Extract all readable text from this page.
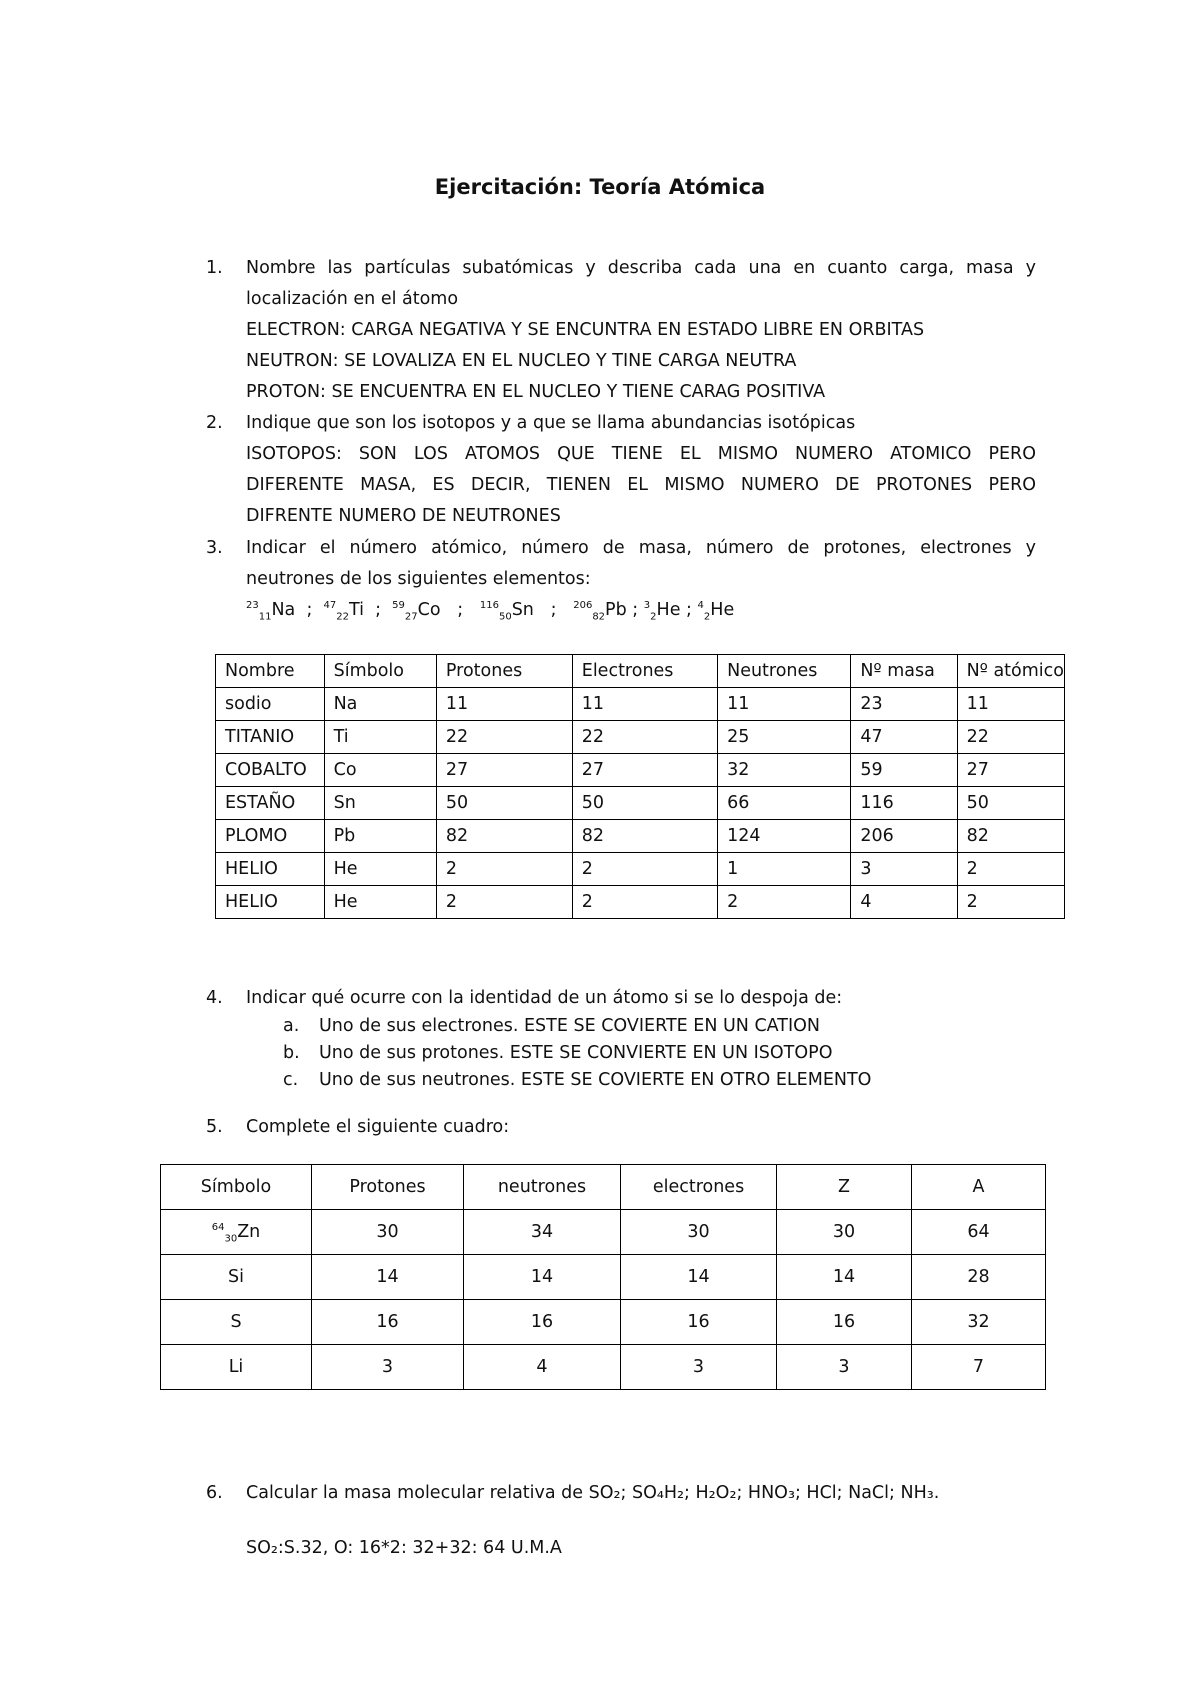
Ejercitación: Teoría Atómica
1. Nombre las partículas subatómicas y describa cada una en cuanto carga, masa y
localización en el átomo
ELECTRON: CARGA NEGATIVA Y SE ENCUNTRA EN ESTADO LIBRE EN ORBITAS
NEUTRON: SE LOVALIZA EN EL NUCLEO Y TINE CARGA NEUTRA
PROTON: SE ENCUENTRA EN EL NUCLEO Y TIENE CARAG POSITIVA
2. Indique que son los isotopos y a que se llama abundancias isotópicas
ISOTOPOS: SON LOS ATOMOS QUE TIENE EL MISMO NUMERO ATOMICO PERO
DIFERENTE MASA, ES DECIR, TIENEN EL MISMO NUMERO DE PROTONES PERO
DIFRENTE NUMERO DE NEUTRONES
3. Indicar el número atómico, número de masa, número de protones, electrones y
neutrones de los siguientes elementos:
$^{23}_{11}$Na ; $^{47}_{22}$Ti ; $^{59}_{27}$Co ; $^{116}_{50}$Sn ; $^{206}_{82}$Pb ; $^3_2$He ; $^4_2$He
Nombre	Símbolo	Protones	Electrones	Neutrones	Nº masa	Nº atómico
sodio	Na	11	11	11	23	11
TITANIO	Ti	22	22	25	47	22
COBALTO	Co	27	27	32	59	27
ESTAÑO	Sn	50	50	66	116	50
PLOMO	Pb	82	82	124	206	82
HELIO	He	2	2	1	3	2
HELIO	He	2	2	2	4	2
4. Indicar qué ocurre con la identidad de un átomo si se lo despoja de:
a. Uno de sus electrones. ESTE SE COVIERTE EN UN CATION
b. Uno de sus protones. ESTE SE CONVIERTE EN UN ISOTOPO
c. Uno de sus neutrones. ESTE SE COVIERTE EN OTRO ELEMENTO
5. Complete el siguiente cuadro:
Símbolo	Protones	neutrones	electrones	Z	A
$^{64}_{30}$Zn	30	34	30	30	64
Si	14	14	14	14	28
S	16	16	16	16	32
Li	3	4	3	3	7
6. Calcular la masa molecular relativa de SO₂; SO₄H₂; H₂O₂; HNO₃; HCl; NaCl; NH₃.
SO₂:S.32, O: 16*2: 32+32: 64 U.M.A
